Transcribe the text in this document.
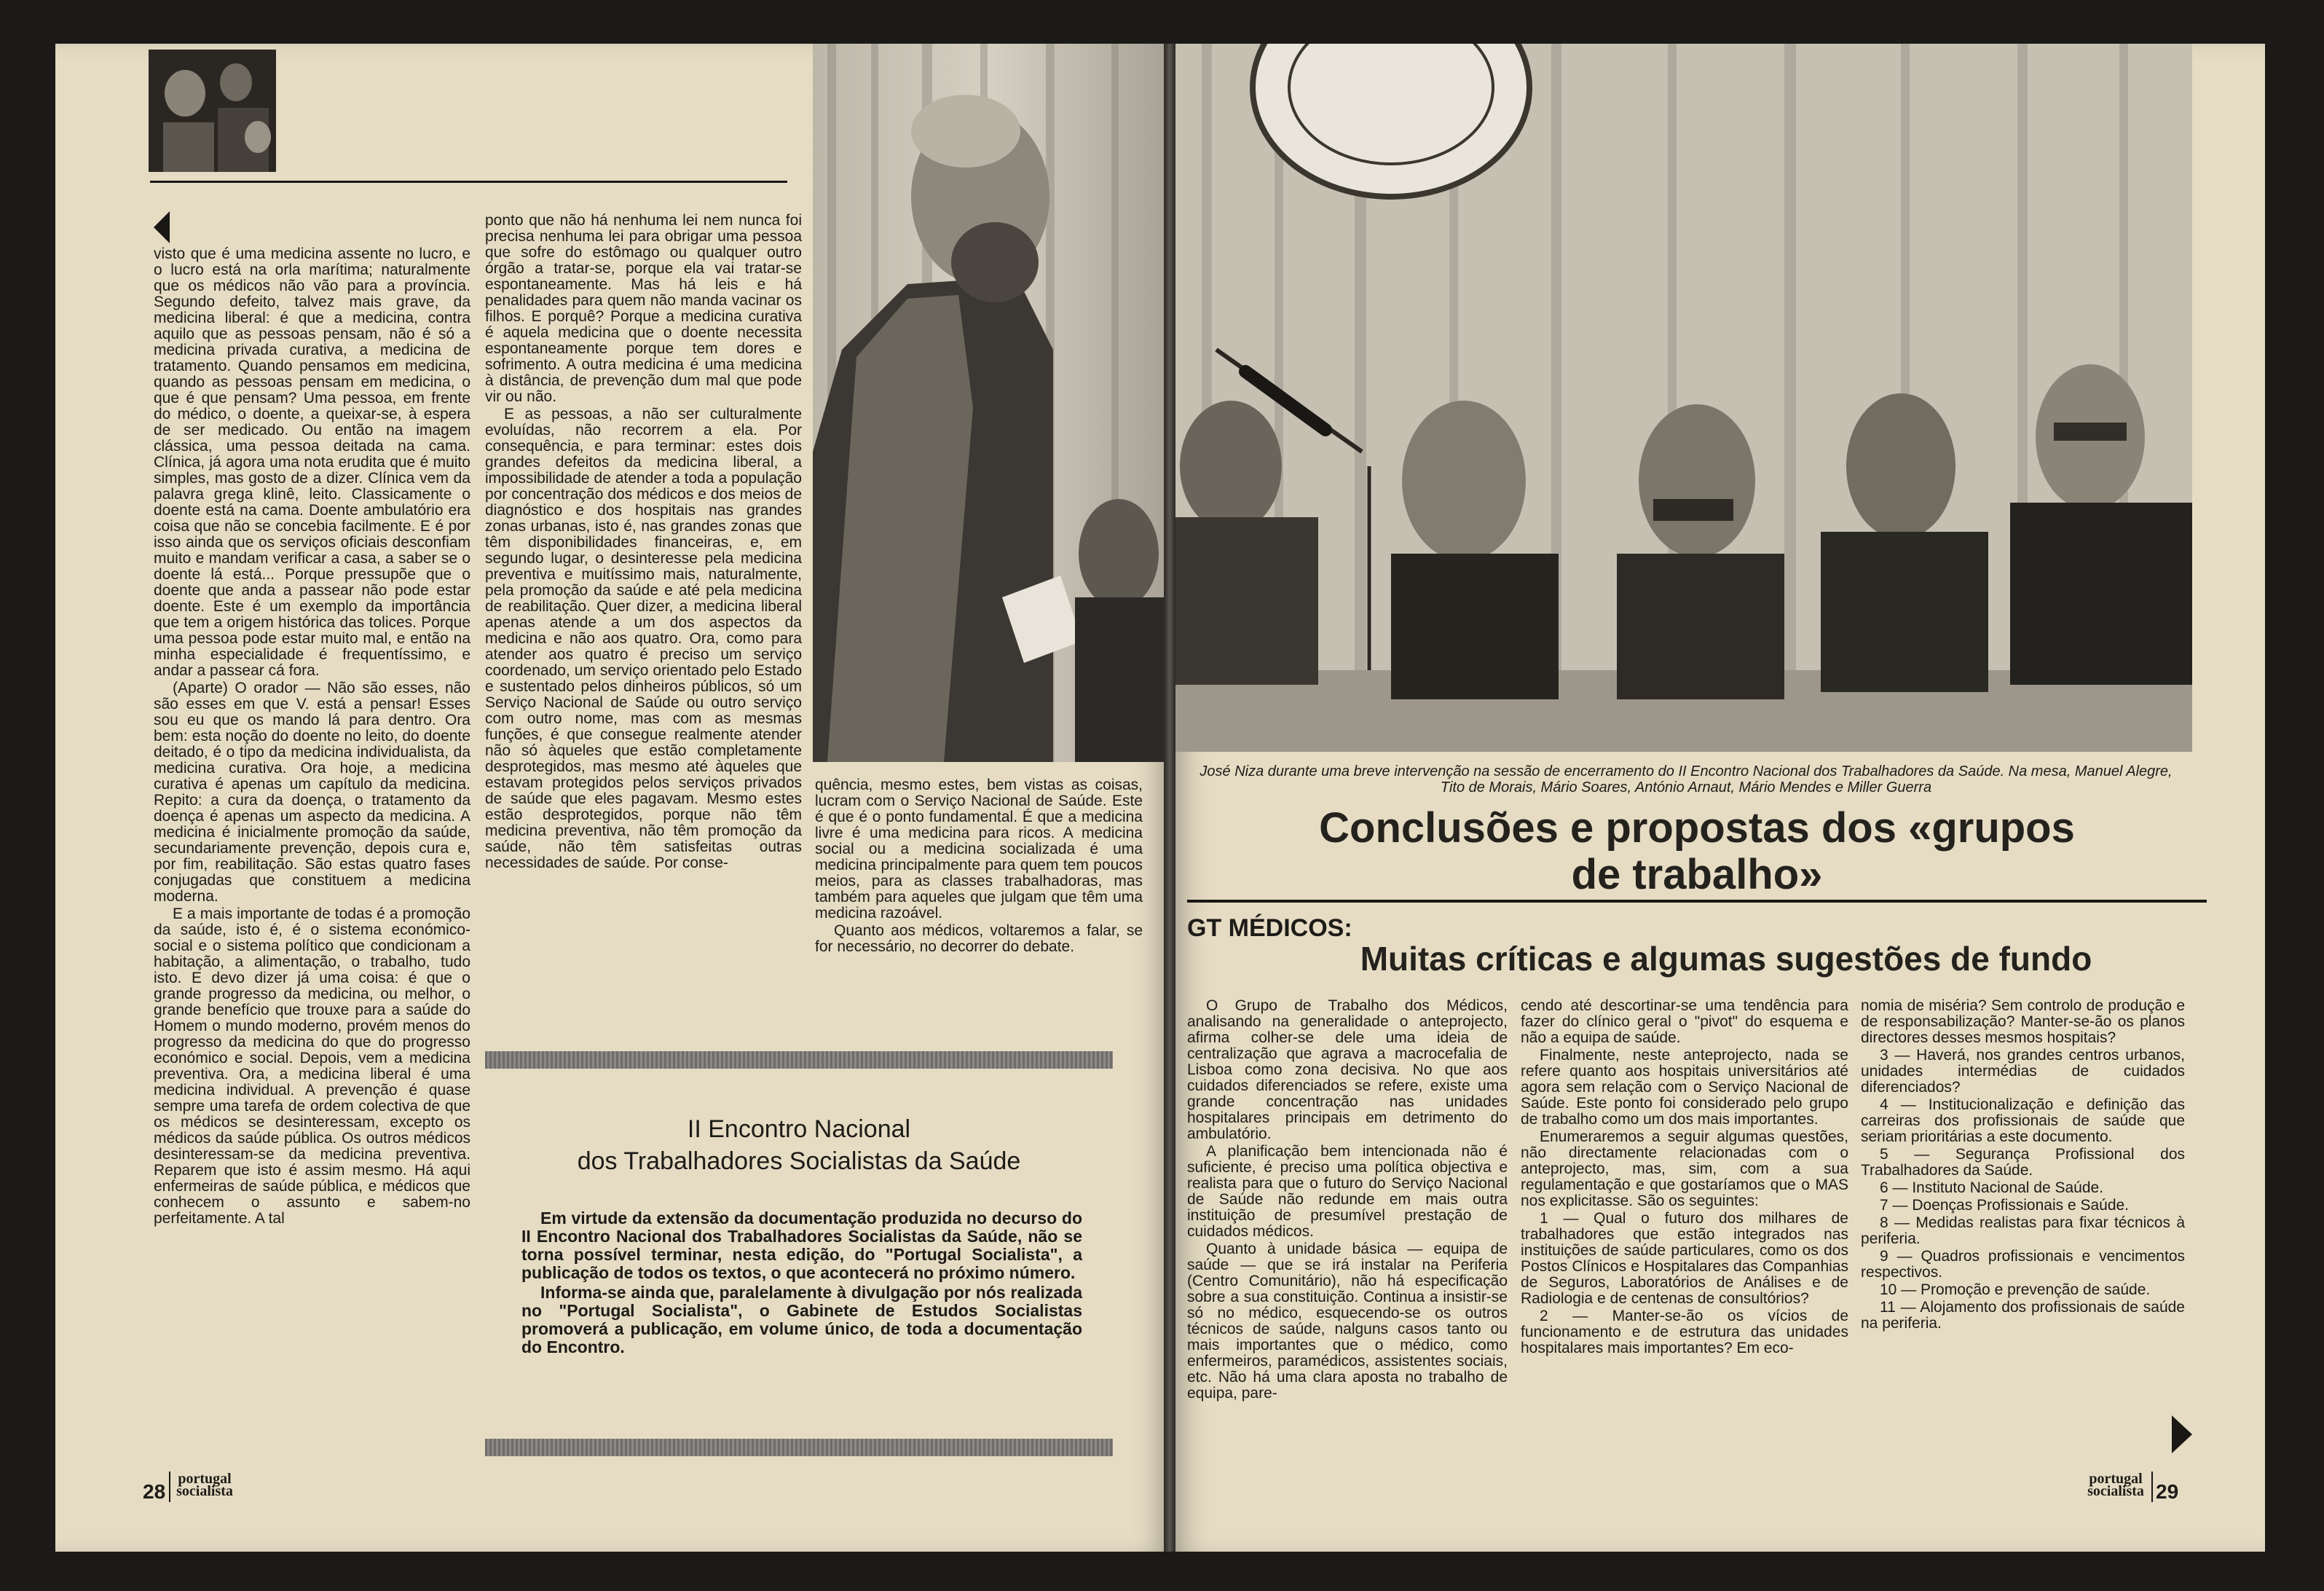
visto que é uma medicina assente no lucro, e o lucro está na orla marítima; naturalmente que os médicos não vão para a província. Segundo defeito, talvez mais grave, da medicina liberal: é que a medicina, contra aquilo que as pessoas pensam, não é só a medicina privada curativa, a medicina de tratamento. Quando pensamos em medicina, quando as pessoas pensam em medicina, o que é que pensam? Uma pessoa, em frente do médico, o doente, a queixar-se, à espera de ser medicado. Ou então na imagem clássica, uma pessoa deitada na cama. Clínica, já agora uma nota erudita que é muito simples, mas gosto de a dizer. Clínica vem da palavra grega klinê, leito. Classicamente o doente está na cama. Doente ambulatório era coisa que não se concebia facilmente. E é por isso ainda que os serviços oficiais desconfiam muito e mandam verificar a casa, a saber se o doente lá está... Porque pressupõe que o doente que anda a passear não pode estar doente. Este é um exemplo da importância que tem a origem histórica das tolices. Porque uma pessoa pode estar muito mal, e então na minha especialidade é frequentíssimo, e andar a passear cá fora.

(Aparte) O orador — Não são esses, não são esses em que V. está a pensar! Esses sou eu que os mando lá para dentro. Ora bem: esta noção do doente no leito, do doente deitado, é o tipo da medicina individualista, da medicina curativa. Ora hoje, a medicina curativa é apenas um capítulo da medicina. Repito: a cura da doença, o tratamento da doença é apenas um aspecto da medicina. A medicina é inicialmente promoção da saúde, secundariamente prevenção, depois cura e, por fim, reabilitação. São estas quatro fases conjugadas que constituem a medicina moderna.

E a mais importante de todas é a promoção da saúde, isto é, é o sistema económico-social e o sistema político que condicionam a habitação, a alimentação, o trabalho, tudo isto. E devo dizer já uma coisa: é que o grande progresso da medicina, ou melhor, o grande benefício que trouxe para a saúde do Homem o mundo moderno, provém menos do progresso da medicina do que do progresso económico e social. Depois, vem a medicina preventiva. Ora, a medicina liberal é uma medicina individual. A prevenção é quase sempre uma tarefa de ordem colectiva de que os médicos se desinteressam, excepto os médicos da saúde pública. Os outros médicos desinteressam-se da medicina preventiva. Reparem que isto é assim mesmo. Há aqui enfermeiras de saúde pública, e médicos que conhecem o assunto e sabem-no perfeitamente. A tal

ponto que não há nenhuma lei nem nunca foi precisa nenhuma lei para obrigar uma pessoa que sofre do estômago ou qualquer outro órgão a tratar-se, porque ela vai tratar-se espontaneamente. Mas há leis e há penalidades para quem não manda vacinar os filhos. E porquê? Porque a medicina curativa é aquela medicina que o doente necessita espontaneamente porque tem dores e sofrimento. A outra medicina é uma medicina à distância, de prevenção dum mal que pode vir ou não.

E as pessoas, a não ser culturalmente evoluídas, não recorrem a ela. Por consequência, e para terminar: estes dois grandes defeitos da medicina liberal, a impossibilidade de atender a toda a população por concentração dos médicos e dos meios de diagnóstico e dos hospitais nas grandes zonas urbanas, isto é, nas grandes zonas que têm disponibilidades financeiras, e, em segundo lugar, o desinteresse pela medicina preventiva e muitíssimo mais, naturalmente, pela promoção da saúde e até pela medicina de reabilitação. Quer dizer, a medicina liberal apenas atende a um dos aspectos da medicina e não aos quatro. Ora, como para atender aos quatro é preciso um serviço coordenado, um serviço orientado pelo Estado e sustentado pelos dinheiros públicos, só um Serviço Nacional de Saúde ou outro serviço com outro nome, mas com as mesmas funções, é que consegue realmente atender não só àqueles que estão completamente desprotegidos, mas mesmo até àqueles que estavam protegidos pelos serviços privados de saúde que eles pagavam. Mesmo estes estão desprotegidos, porque não têm medicina preventiva, não têm promoção da saúde, não têm satisfeitas outras necessidades de saúde. Por conse-

quência, mesmo estes, bem vistas as coisas, lucram com o Serviço Nacional de Saúde. Este é que é o ponto fundamental. É que a medicina livre é uma medicina para ricos. A medicina social ou a medicina socializada é uma medicina principalmente para quem tem poucos meios, para as classes trabalhadoras, mas também para aqueles que julgam que têm uma medicina razoável.

Quanto aos médicos, voltaremos a falar, se for necessário, no decorrer do debate.

II Encontro Nacional
dos Trabalhadores Socialistas da Saúde

Em virtude da extensão da documentação produzida no decurso do II Encontro Nacional dos Trabalhadores Socialistas da Saúde, não se torna possível terminar, nesta edição, do "Portugal Socialista", a publicação de todos os textos, o que acontecerá no próximo número.

Informa-se ainda que, paralelamente à divulgação por nós realizada no "Portugal Socialista", o Gabinete de Estudos Socialistas promoverá a publicação, em volume único, de toda a documentação do Encontro.

28
portugal socialista
José Niza durante uma breve intervenção na sessão de encerramento do II Encontro Nacional dos Trabalhadores da Saúde. Na mesa, Manuel Alegre, Tito de Morais, Mário Soares, António Arnaut, Mário Mendes e Miller Guerra
Conclusões e propostas dos «grupos
de trabalho»
GT MÉDICOS:
Muitas críticas e algumas sugestões de fundo

O Grupo de Trabalho dos Médicos, analisando na generalidade o anteprojecto, afirma colher-se dele uma ideia de centralização que agrava a macrocefalia de Lisboa como zona decisiva. No que aos cuidados diferenciados se refere, existe uma grande concentração nas unidades hospitalares principais em detrimento do ambulatório.

A planificação bem intencionada não é suficiente, é preciso uma política objectiva e realista para que o futuro do Serviço Nacional de Saúde não redunde em mais outra instituição de presumível prestação de cuidados médicos.

Quanto à unidade básica — equipa de saúde — que se irá instalar na Periferia (Centro Comunitário), não há especificação sobre a sua constituição. Continua a insistir-se só no médico, esquecendo-se os outros técnicos de saúde, nalguns casos tanto ou mais importantes que o médico, como enfermeiros, paramédicos, assistentes sociais, etc. Não há uma clara aposta no trabalho de equipa, pare-

cendo até descortinar-se uma tendência para fazer do clínico geral o "pivot" do esquema e não a equipa de saúde.

Finalmente, neste anteprojecto, nada se refere quanto aos hospitais universitários até agora sem relação com o Serviço Nacional de Saúde. Este ponto foi considerado pelo grupo de trabalho como um dos mais importantes.

Enumeraremos a seguir algumas questões, não directamente relacionadas com o anteprojecto, mas, sim, com a sua regulamentação e que gostaríamos que o MAS nos explicitasse. São os seguintes:

1 — Qual o futuro dos milhares de trabalhadores que estão integrados nas instituições de saúde particulares, como os dos Postos Clínicos e Hospitalares das Companhias de Seguros, Laboratórios de Análises e de Radiologia e de centenas de consultórios?

2 — Manter-se-ão os vícios de funcionamento e de estrutura das unidades hospitalares mais importantes? Em eco-

nomia de miséria? Sem controlo de produção e de responsabilização? Manter-se-ão os planos directores desses mesmos hospitais?

3 — Haverá, nos grandes centros urbanos, unidades intermédias de cuidados diferenciados?

4 — Institucionalização e definição das carreiras dos profissionais de saúde que seriam prioritárias a este documento.

5 — Segurança Profissional dos Trabalhadores da Saúde.

6 — Instituto Nacional de Saúde.

7 — Doenças Profissionais e Saúde.

8 — Medidas realistas para fixar técnicos à periferia.

9 — Quadros profissionais e vencimentos respectivos.

10 — Promoção e prevenção de saúde.

11 — Alojamento dos profissionais de saúde na periferia.

portugal socialista 29
